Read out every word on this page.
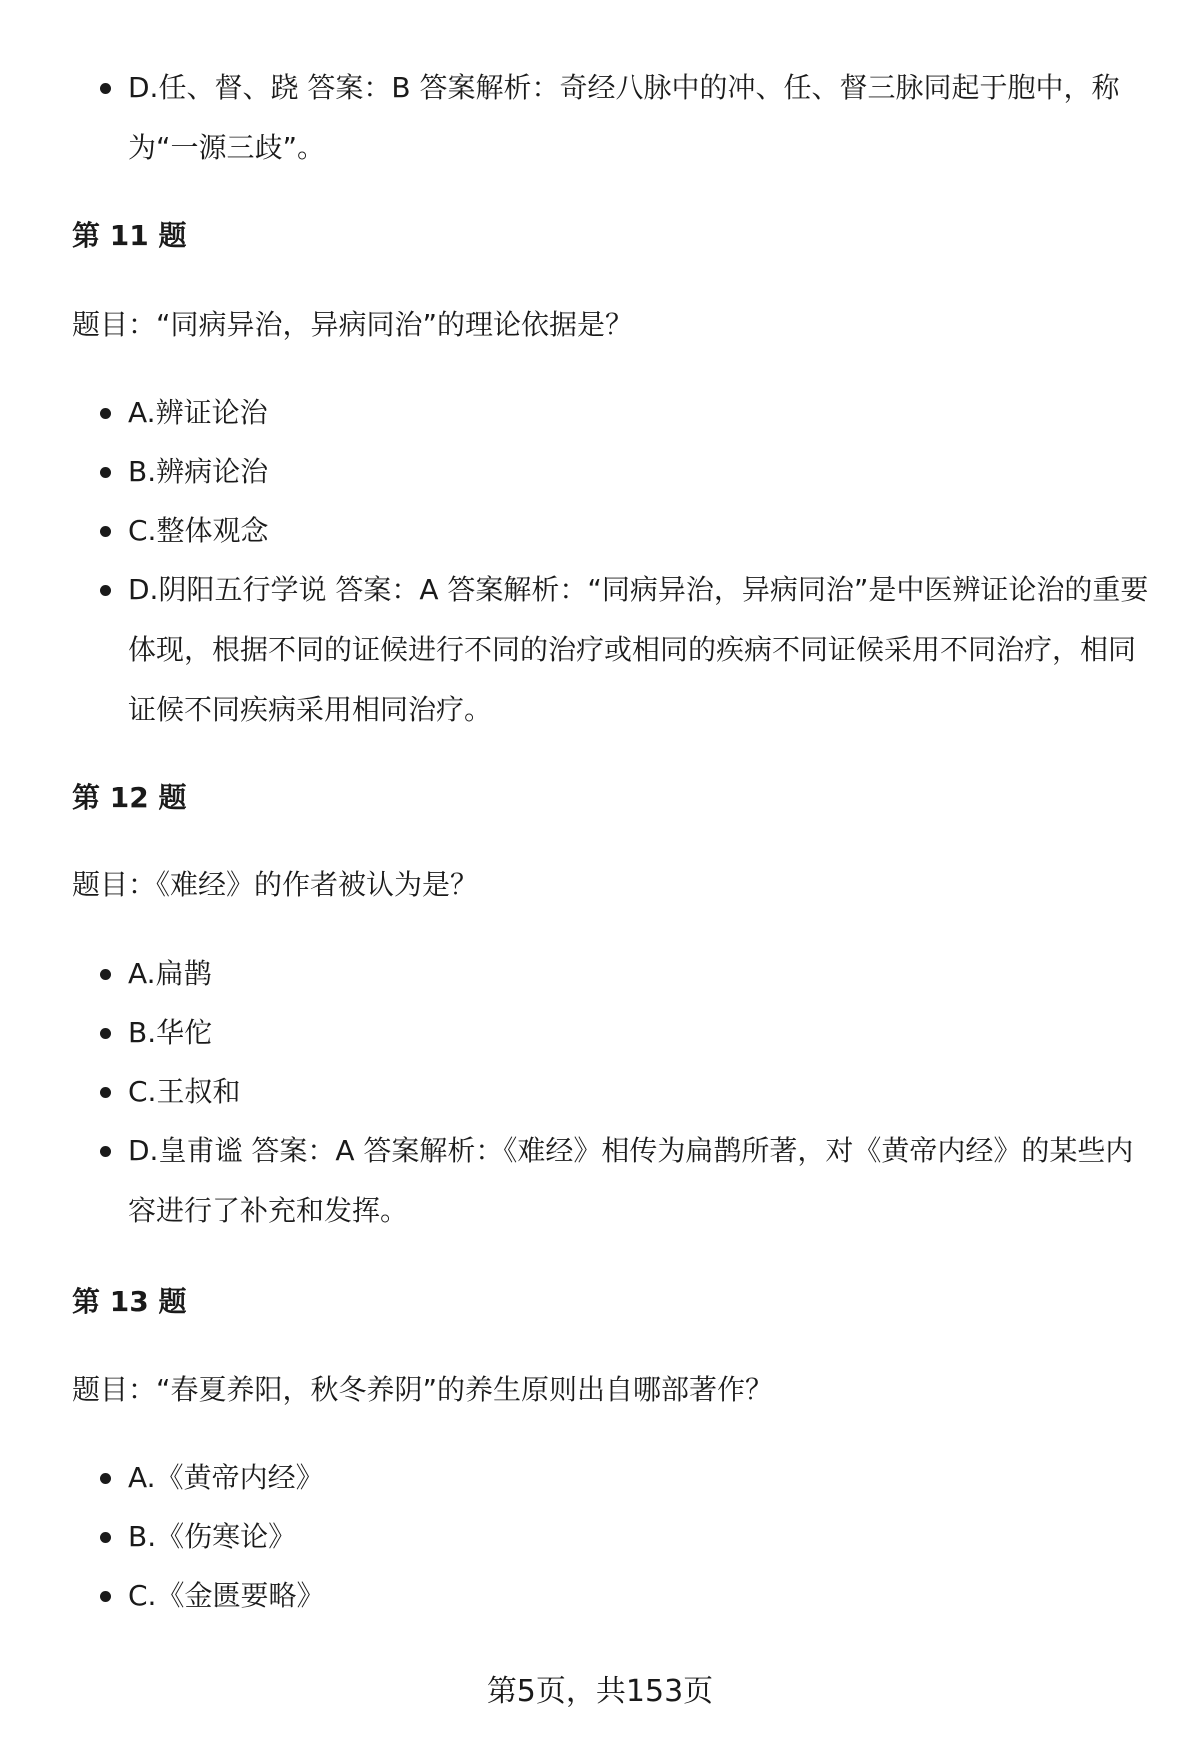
D.任、督、跷 答案：B 答案解析：奇经八脉中的冲、任、督三脉同起于胞中，称为“一源三歧”。
第 11 题
题目：“同病异治，异病同治”的理论依据是？
A.辨证论治
B.辨病论治
C.整体观念
D.阴阳五行学说 答案：A 答案解析：“同病异治，异病同治”是中医辨证论治的重要体现，根据不同的证候进行不同的治疗或相同的疾病不同证候采用不同治疗，相同证候不同疾病采用相同治疗。
第 12 题
题目：《难经》的作者被认为是？
A.扁鹊
B.华佗
C.王叔和
D.皇甫谧 答案：A 答案解析：《难经》相传为扁鹊所著，对《黄帝内经》的某些内容进行了补充和发挥。
第 13 题
题目：“春夏养阳，秋冬养阴”的养生原则出自哪部著作？
A.《黄帝内经》
B.《伤寒论》
C.《金匮要略》
第5页，共153页
